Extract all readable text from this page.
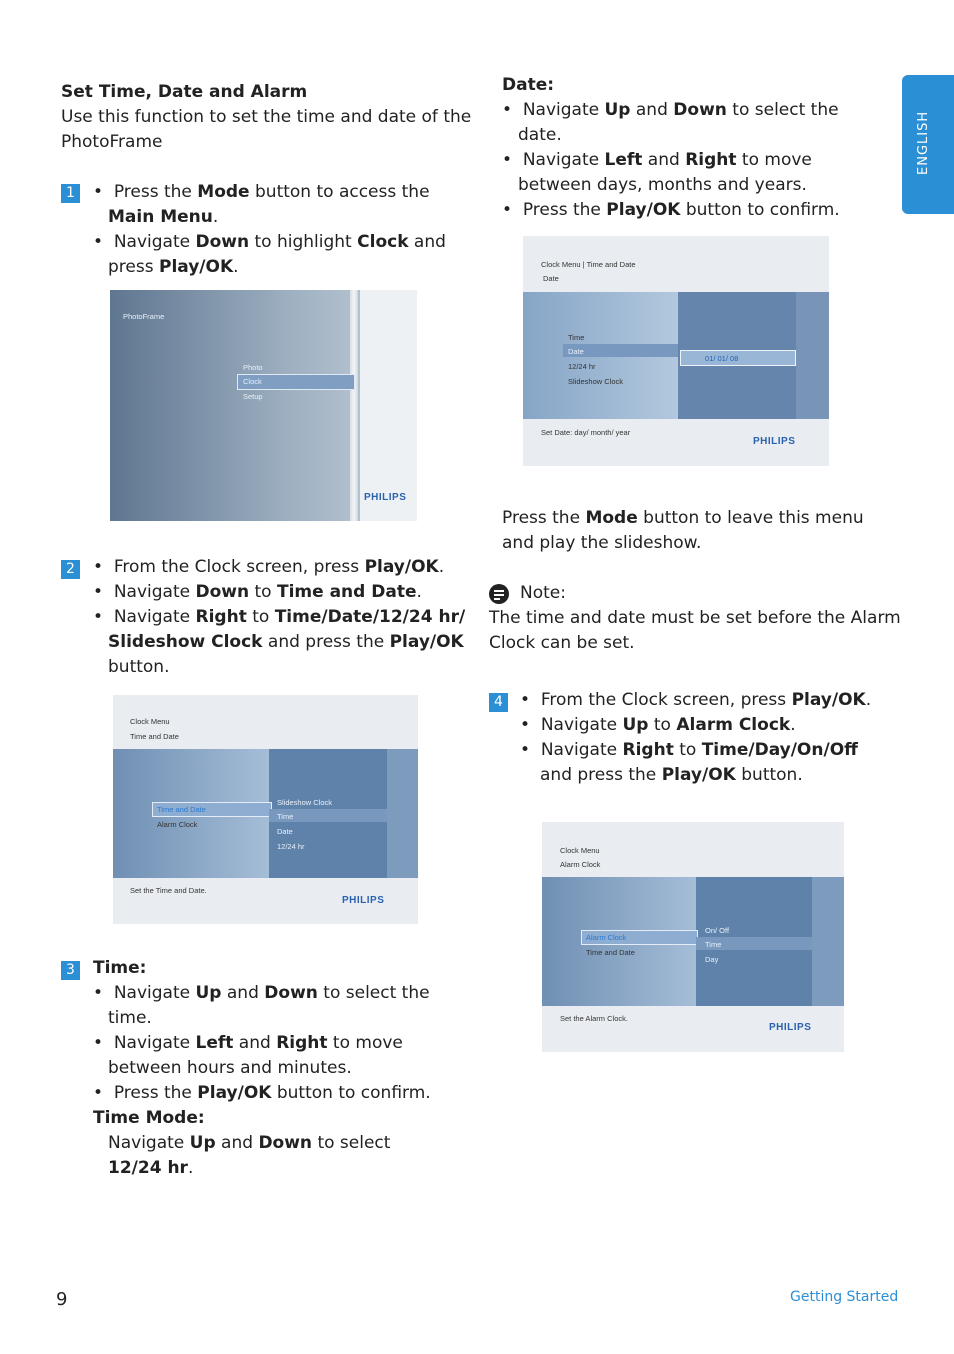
ENGLISH
Set Time, Date and Alarm
Use this function to set the time and date of the
PhotoFrame
1 •  Press the Mode button to access the
Main Menu.
•  Navigate Down to highlight Clock and
press Play/OK.
PhotoFrame
Photo
Clock
Setup
PHILIPS
2 •  From the Clock screen, press Play/OK.
•  Navigate Down to Time and Date.
•  Navigate Right to Time/Date/12/24 hr/
Slideshow Clock and press the Play/OK
button.
Clock Menu
Time and Date
Time and Date
Alarm Clock
Slideshow Clock
Time
Date
12/24 hr
Set the Time and Date.
PHILIPS
3 Time:
•  Navigate Up and Down to select the
time.
•  Navigate Left and Right to move
between hours and minutes.
•  Press the Play/OK button to confirm.
Time Mode:
Navigate Up and Down to select
12/24 hr.
Date:
•  Navigate Up and Down to select the
date.
•  Navigate Left and Right to move
between days, months and years.
•  Press the Play/OK button to confirm.
Clock Menu | Time and Date
Date
Time
Date
12/24 hr
Slideshow Clock
01/ 01/ 08
Set Date: day/ month/ year
PHILIPS
Press the Mode button to leave this menu
and play the slideshow.
Note:
The time and date must be set before the Alarm
Clock can be set.
4 •  From the Clock screen, press Play/OK.
•  Navigate Up to Alarm Clock.
•  Navigate Right to Time/Day/On/Off
and press the Play/OK button.
Clock Menu
Alarm Clock
Alarm Clock
Time and Date
On/ Off
Time
Day
Set the Alarm Clock.
PHILIPS
9	Getting Started
